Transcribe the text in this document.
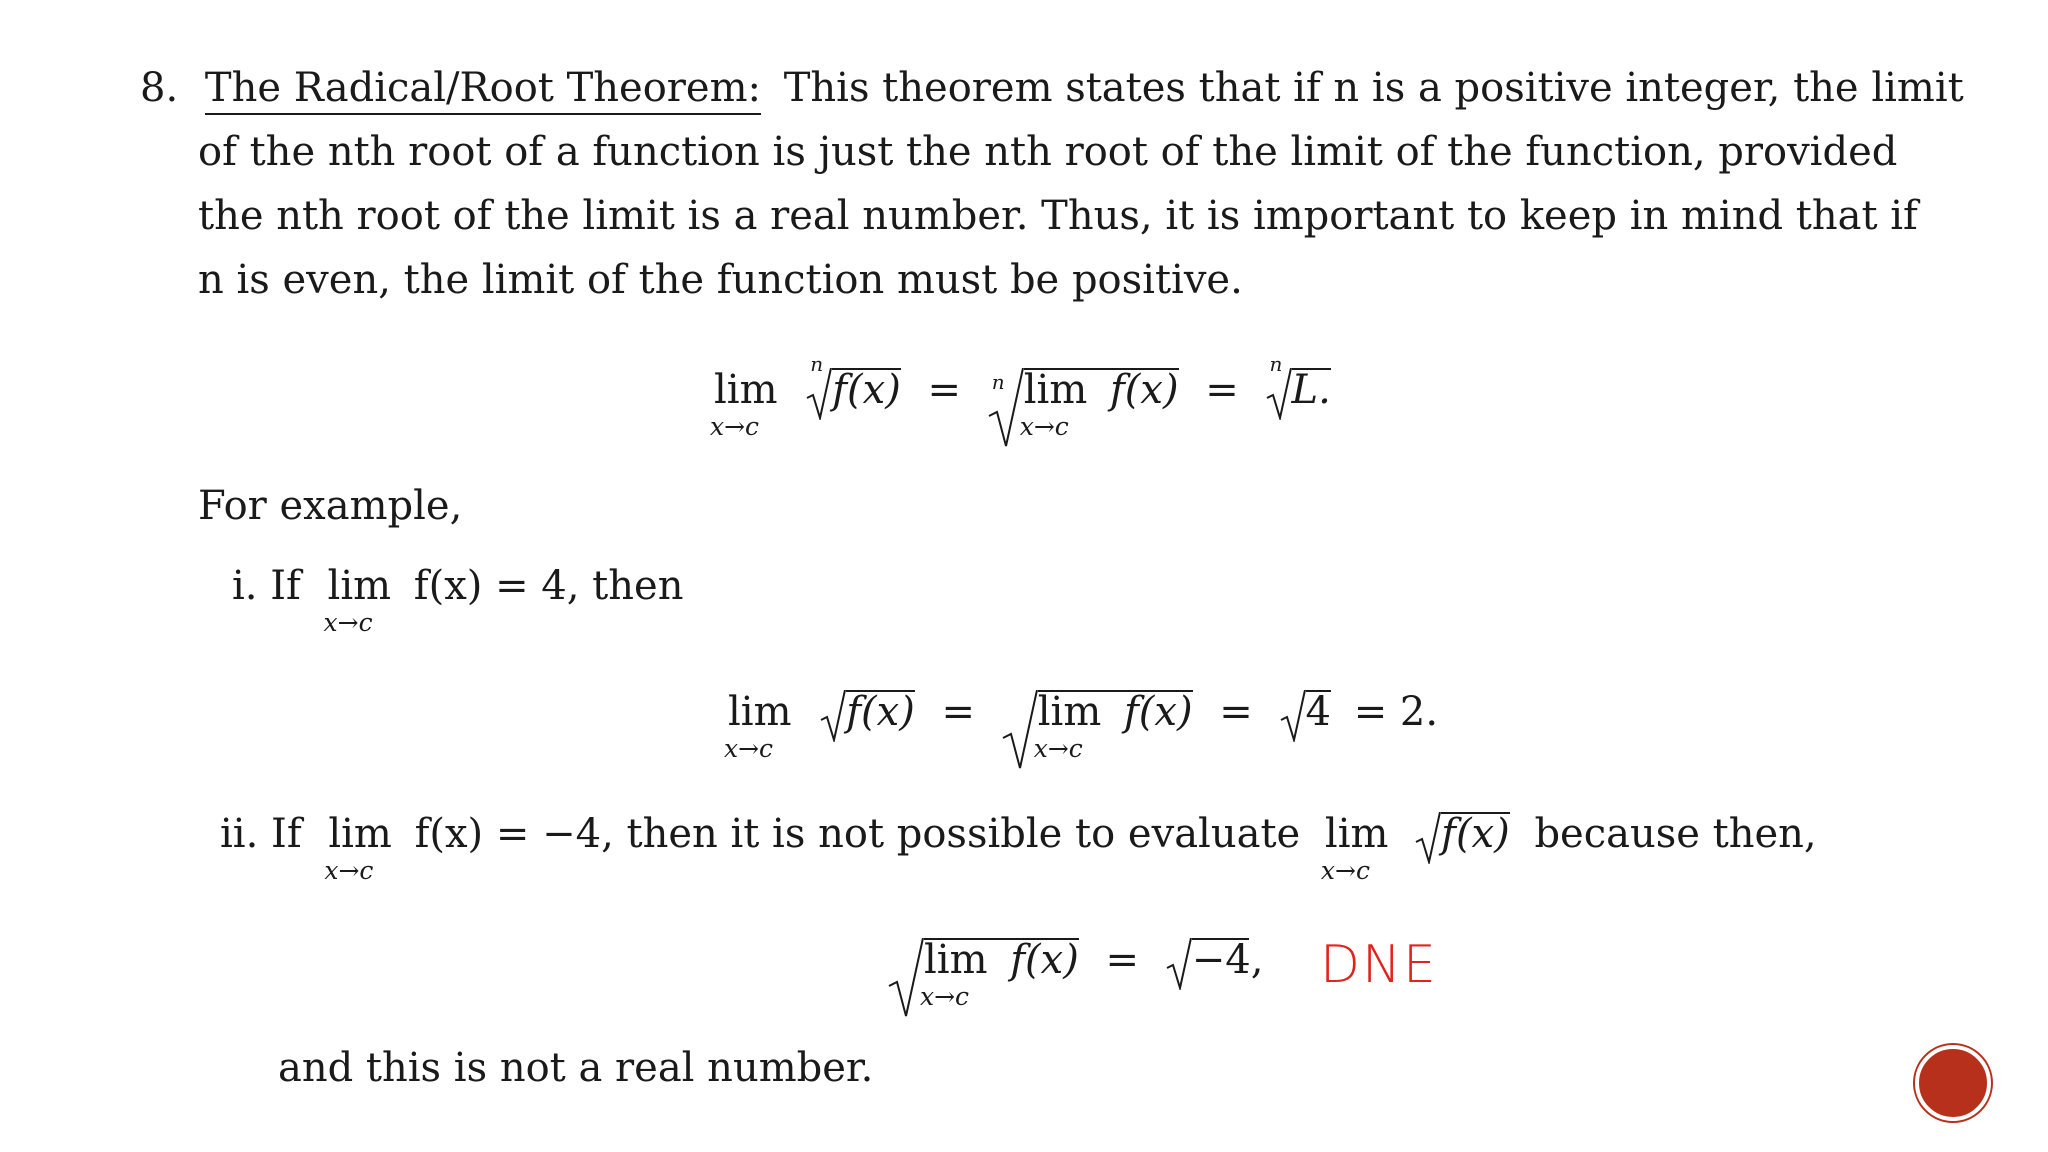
8. The Radical/Root Theorem: This theorem states that if n is a positive integer, the limit
of the nth root of a function is just the nth root of the limit of the function, provided
the nth root of the limit is a real number. Thus, it is important to keep in mind that if
n is even, the limit of the function must be positive.
lim
x→c

n
f(x) = n lim
x→c
f(x) =
n
L.
For example,
i. If lim
x→c
f(x) = 4, then
lim
x→c

f(x) = lim
x→c
f(x) = 4 = 2.
ii. If lim
x→c
f(x) = −4, then it is not possible to evaluate lim
x→c

f(x) because then,
lim
x→c
f(x) = −4, DNE
and this is not a real number.
